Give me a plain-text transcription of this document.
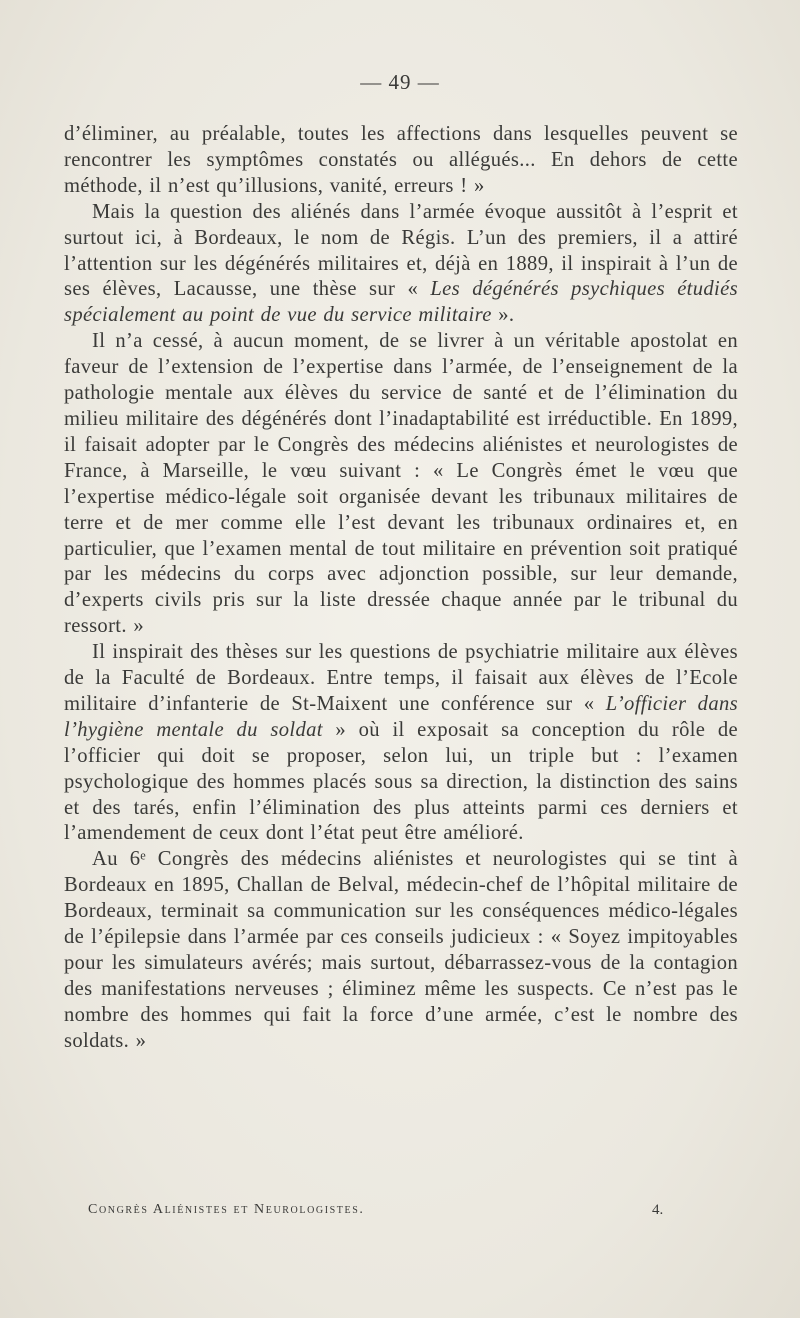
— 49 —

d’éliminer, au préalable, toutes les affections dans lesquelles peuvent se rencontrer les symptômes constatés ou allégués... En dehors de cette méthode, il n’est qu’illusions, vanité, erreurs ! »

Mais la question des aliénés dans l’armée évoque aussitôt à l’esprit et surtout ici, à Bordeaux, le nom de Régis. L’un des premiers, il a attiré l’attention sur les dégénérés militaires et, déjà en 1889, il inspirait à l’un de ses élèves, Lacausse, une thèse sur « Les dégénérés psychiques étudiés spécialement au point de vue du service militaire ».

Il n’a cessé, à aucun moment, de se livrer à un véritable apostolat en faveur de l’extension de l’expertise dans l’armée, de l’enseignement de la pathologie mentale aux élèves du service de santé et de l’élimination du milieu militaire des dégénérés dont l’inadaptabilité est irréductible. En 1899, il faisait adopter par le Congrès des médecins aliénistes et neurologistes de France, à Marseille, le vœu suivant : « Le Congrès émet le vœu que l’expertise médico-légale soit organisée devant les tribunaux militaires de terre et de mer comme elle l’est devant les tribunaux ordinaires et, en particulier, que l’examen mental de tout militaire en prévention soit pratiqué par les médecins du corps avec adjonction possible, sur leur demande, d’experts civils pris sur la liste dressée chaque année par le tribunal du ressort. »

Il inspirait des thèses sur les questions de psychiatrie militaire aux élèves de la Faculté de Bordeaux. Entre temps, il faisait aux élèves de l’Ecole militaire d’infanterie de St-Maixent une conférence sur « L’officier dans l’hygiène mentale du soldat » où il exposait sa conception du rôle de l’officier qui doit se proposer, selon lui, un triple but : l’examen psychologique des hommes placés sous sa direction, la distinction des sains et des tarés, enfin l’élimination des plus atteints parmi ces derniers et l’amendement de ceux dont l’état peut être amélioré.

Au 6ᵉ Congrès des médecins aliénistes et neurologistes qui se tint à Bordeaux en 1895, Challan de Belval, médecin-chef de l’hôpital militaire de Bordeaux, terminait sa communication sur les conséquences médico-légales de l’épilepsie dans l’armée par ces conseils judicieux : « Soyez impitoyables pour les simulateurs avérés; mais surtout, débarrassez-vous de la contagion des manifestations nerveuses ; éliminez même les suspects. Ce n’est pas le nombre des hommes qui fait la force d’une armée, c’est le nombre des soldats. »

Congrès Aliénistes et Neurologistes.	4.
